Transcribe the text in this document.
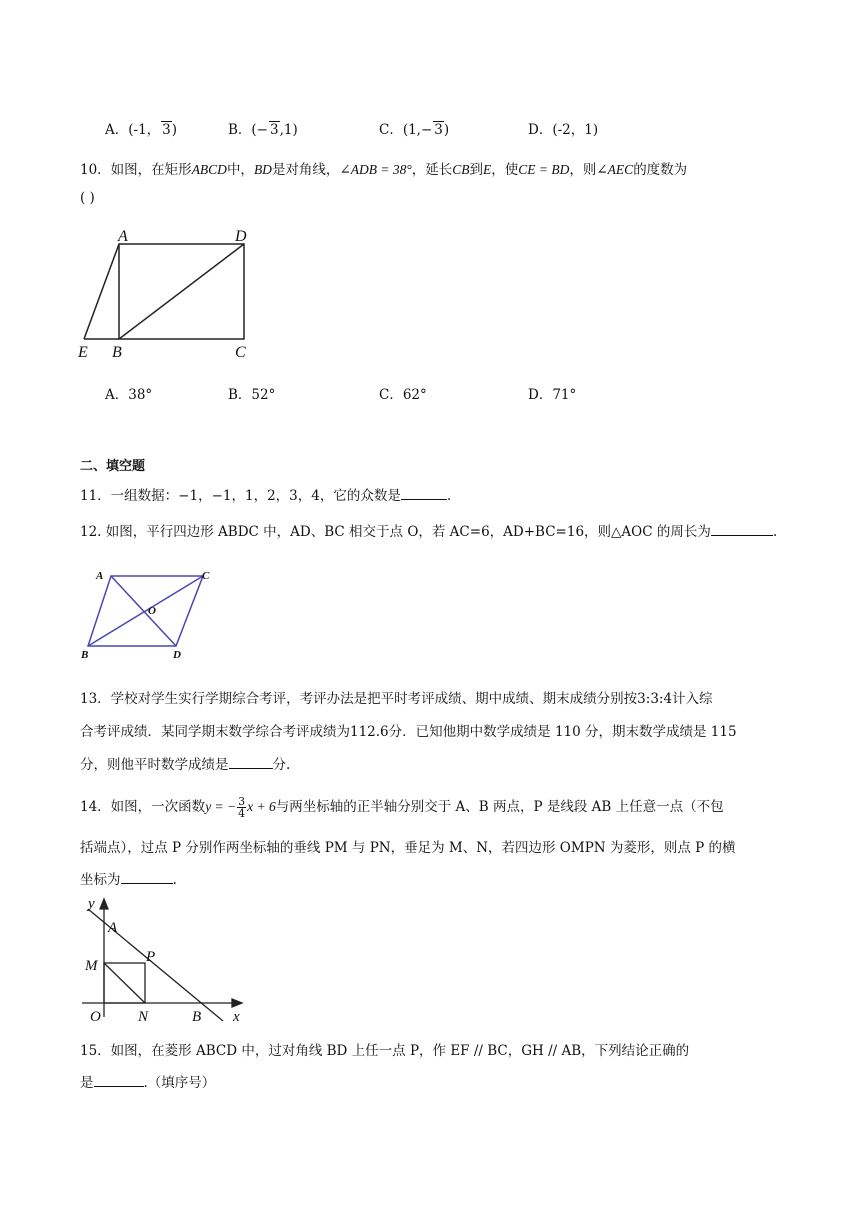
A．(-1， 3)	B．(− 3,1)	C．(1,− 3)	D．(-2，1)
10．如图，在矩形ABCD中，BD是对角线，∠ADB = 38°，延长CB到E，使CE = BD，则∠AEC的度数为
( )
A	D
E B	C
A．38°	B．52°	C．62°	D．71°
二、填空题
11．一组数据：−1，−1，1，2，3，4，它的众数是	.
12. 如图，平行四边形 ABDC 中，AD、BC 相交于点 O，若 AC=6，AD+BC=16，则△AOC 的周长为	.
A	C
O
B	D
13．学校对学生实行学期综合考评，考评办法是把平时考评成绩、期中成绩、期末成绩分别按3:3:4计入综
合考评成绩．某同学期末数学综合考评成绩为112.6分．已知他期中数学成绩是 110 分，期末数学成绩是 115
分，则他平时数学成绩是	分.
14．如图，一次函数y = − $\frac{3}{4}$ x + 6与两坐标轴的正半轴分别交于 A、B 两点，P 是线段 AB 上任意一点（不包
括端点），过点 P 分别作两坐标轴的垂线 PM 与 PN，垂足为 M、N，若四边形 OMPN 为菱形，则点 P 的横
坐标为	.
y
A
P
M
O N	B x
15．如图，在菱形 ABCD 中，过对角线 BD 上任一点 P，作 EF // BC，GH // AB，下列结论正确的
是	.（填序号）
